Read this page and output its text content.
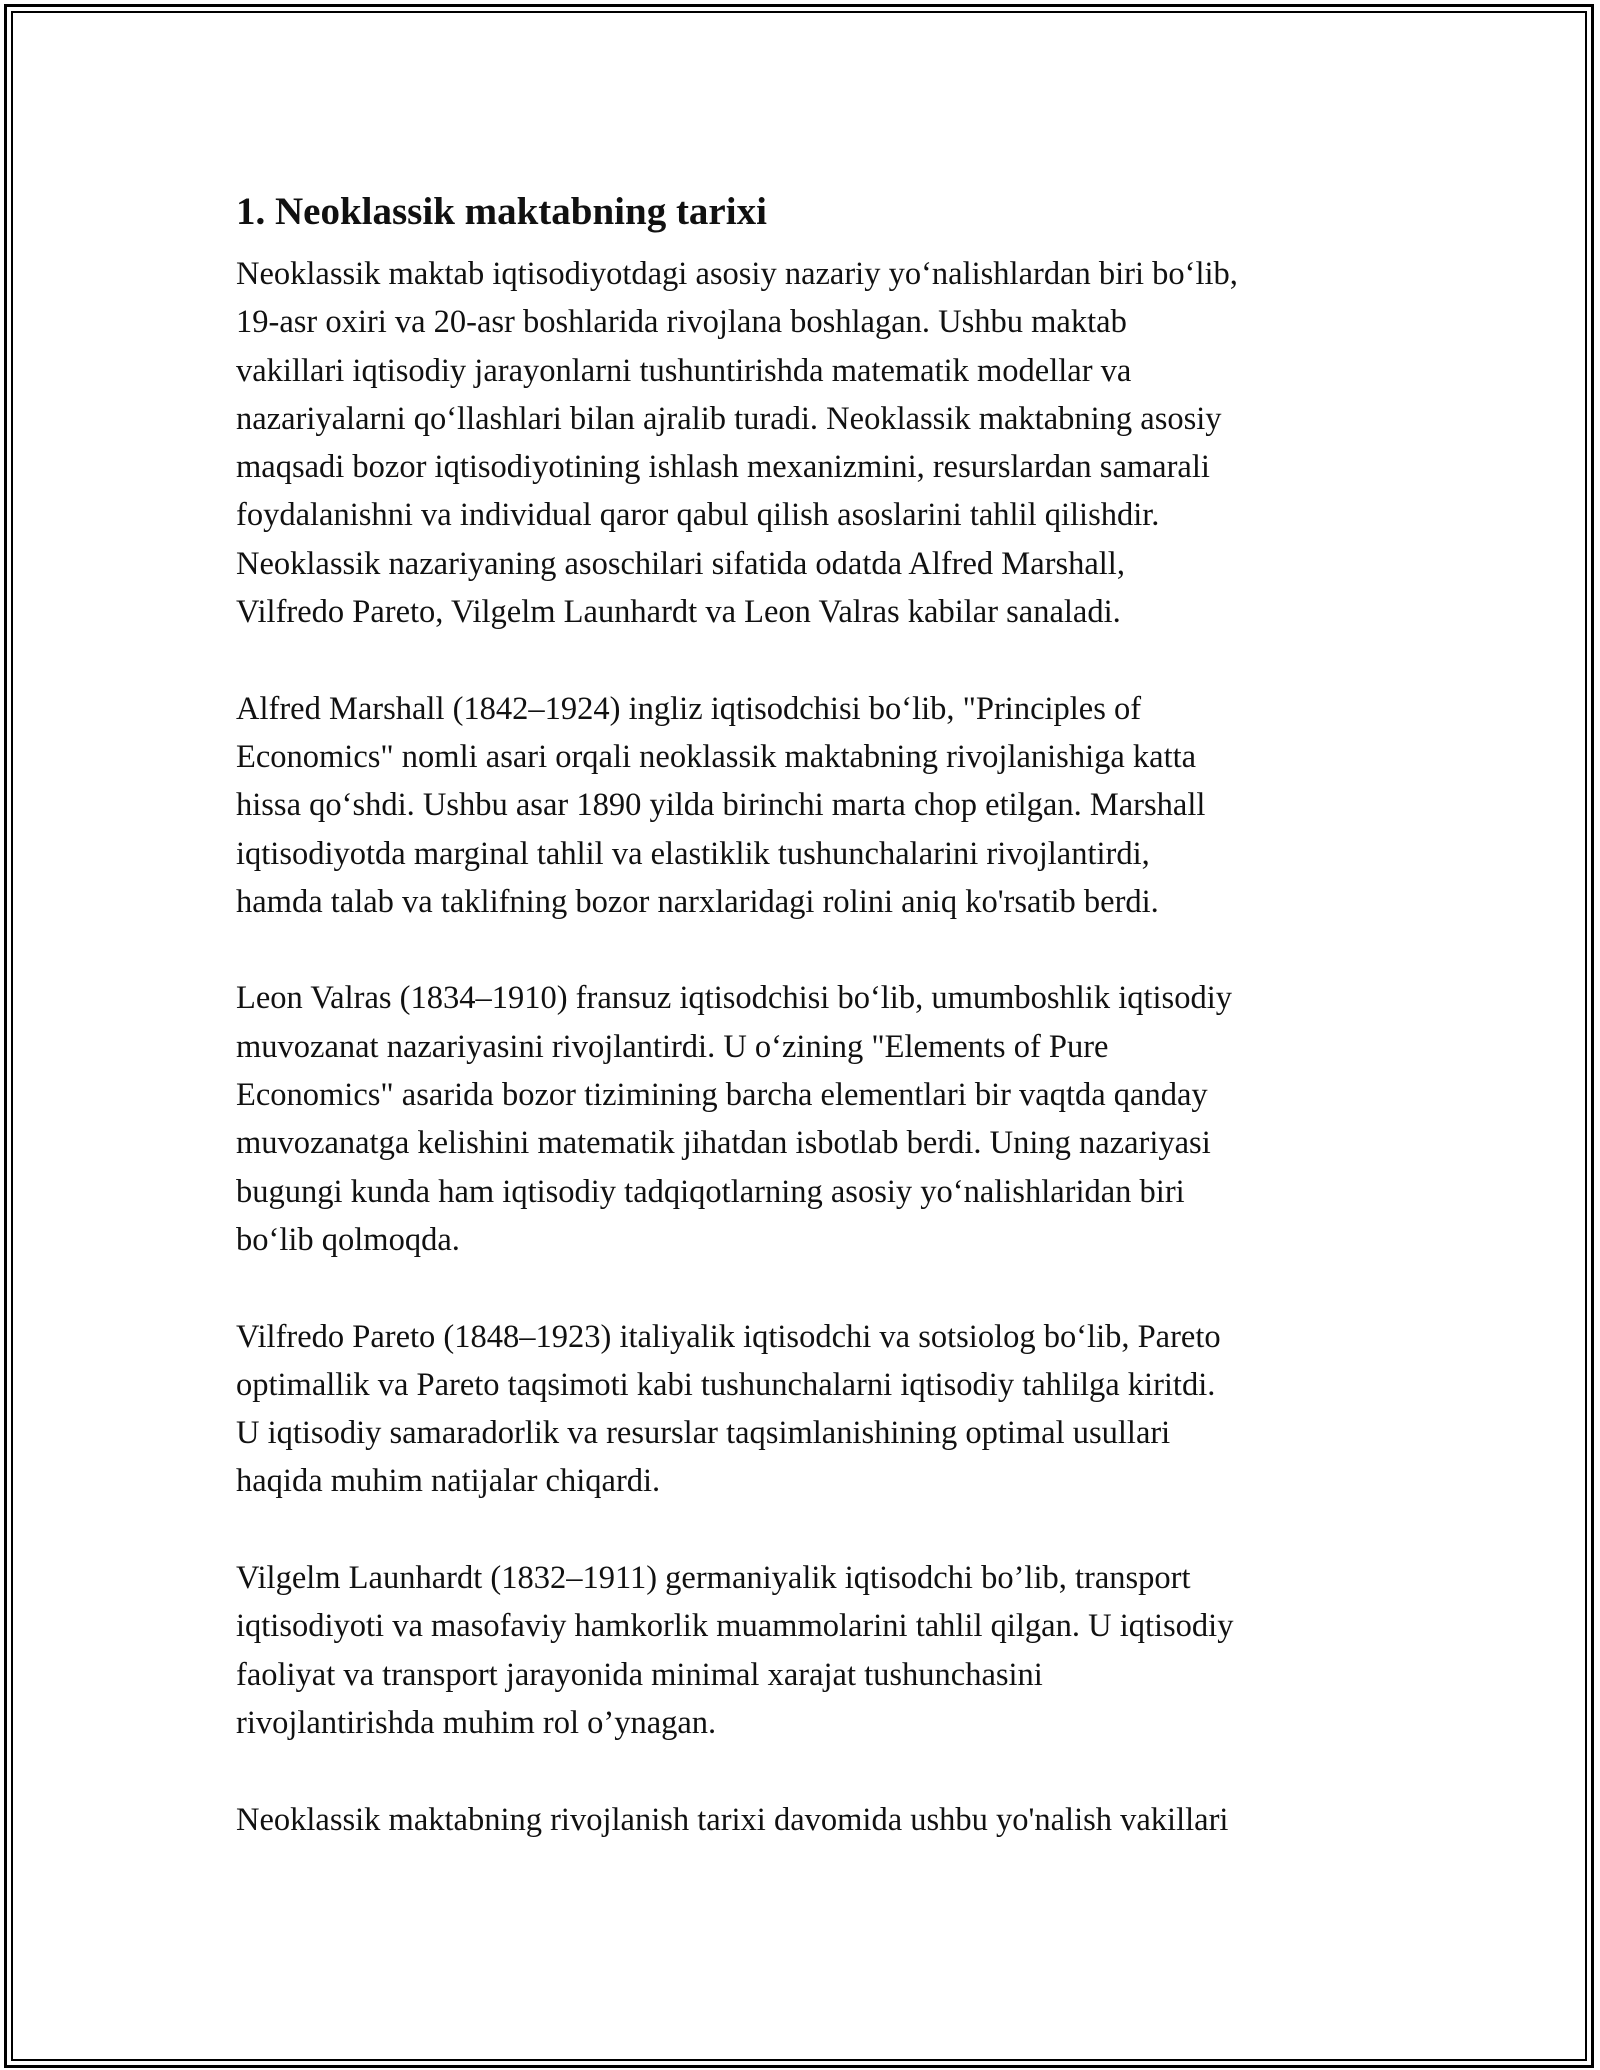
1. Neoklassik maktabning tarixi

Neoklassik maktab iqtisodiyotdagi asosiy nazariy yo‘nalishlardan biri bo‘lib,
19-asr oxiri va 20-asr boshlarida rivojlana boshlagan. Ushbu maktab
vakillari iqtisodiy jarayonlarni tushuntirishda matematik modellar va
nazariyalarni qo‘llashlari bilan ajralib turadi. Neoklassik maktabning asosiy
maqsadi bozor iqtisodiyotining ishlash mexanizmini, resurslardan samarali
foydalanishni va individual qaror qabul qilish asoslarini tahlil qilishdir.
Neoklassik nazariyaning asoschilari sifatida odatda Alfred Marshall,
Vilfredo Pareto, Vilgelm Launhardt va Leon Valras kabilar sanaladi.

Alfred Marshall (1842–1924) ingliz iqtisodchisi bo‘lib, "Principles of
Economics" nomli asari orqali neoklassik maktabning rivojlanishiga katta
hissa qo‘shdi. Ushbu asar 1890 yilda birinchi marta chop etilgan. Marshall
iqtisodiyotda marginal tahlil va elastiklik tushunchalarini rivojlantirdi,
hamda talab va taklifning bozor narxlaridagi rolini aniq ko'rsatib berdi.

Leon Valras (1834–1910) fransuz iqtisodchisi bo‘lib, umumboshlik iqtisodiy
muvozanat nazariyasini rivojlantirdi. U o‘zining "Elements of Pure
Economics" asarida bozor tizimining barcha elementlari bir vaqtda qanday
muvozanatga kelishini matematik jihatdan isbotlab berdi. Uning nazariyasi
bugungi kunda ham iqtisodiy tadqiqotlarning asosiy yo‘nalishlaridan biri
bo‘lib qolmoqda.

Vilfredo Pareto (1848–1923) italiyalik iqtisodchi va sotsiolog bo‘lib, Pareto
optimallik va Pareto taqsimoti kabi tushunchalarni iqtisodiy tahlilga kiritdi.
U iqtisodiy samaradorlik va resurslar taqsimlanishining optimal usullari
haqida muhim natijalar chiqardi.

Vilgelm Launhardt (1832–1911) germaniyalik iqtisodchi bo’lib, transport
iqtisodiyoti va masofaviy hamkorlik muammolarini tahlil qilgan. U iqtisodiy
faoliyat va transport jarayonida minimal xarajat tushunchasini
rivojlantirishda muhim rol o’ynagan.

Neoklassik maktabning rivojlanish tarixi davomida ushbu yo'nalish vakillari
